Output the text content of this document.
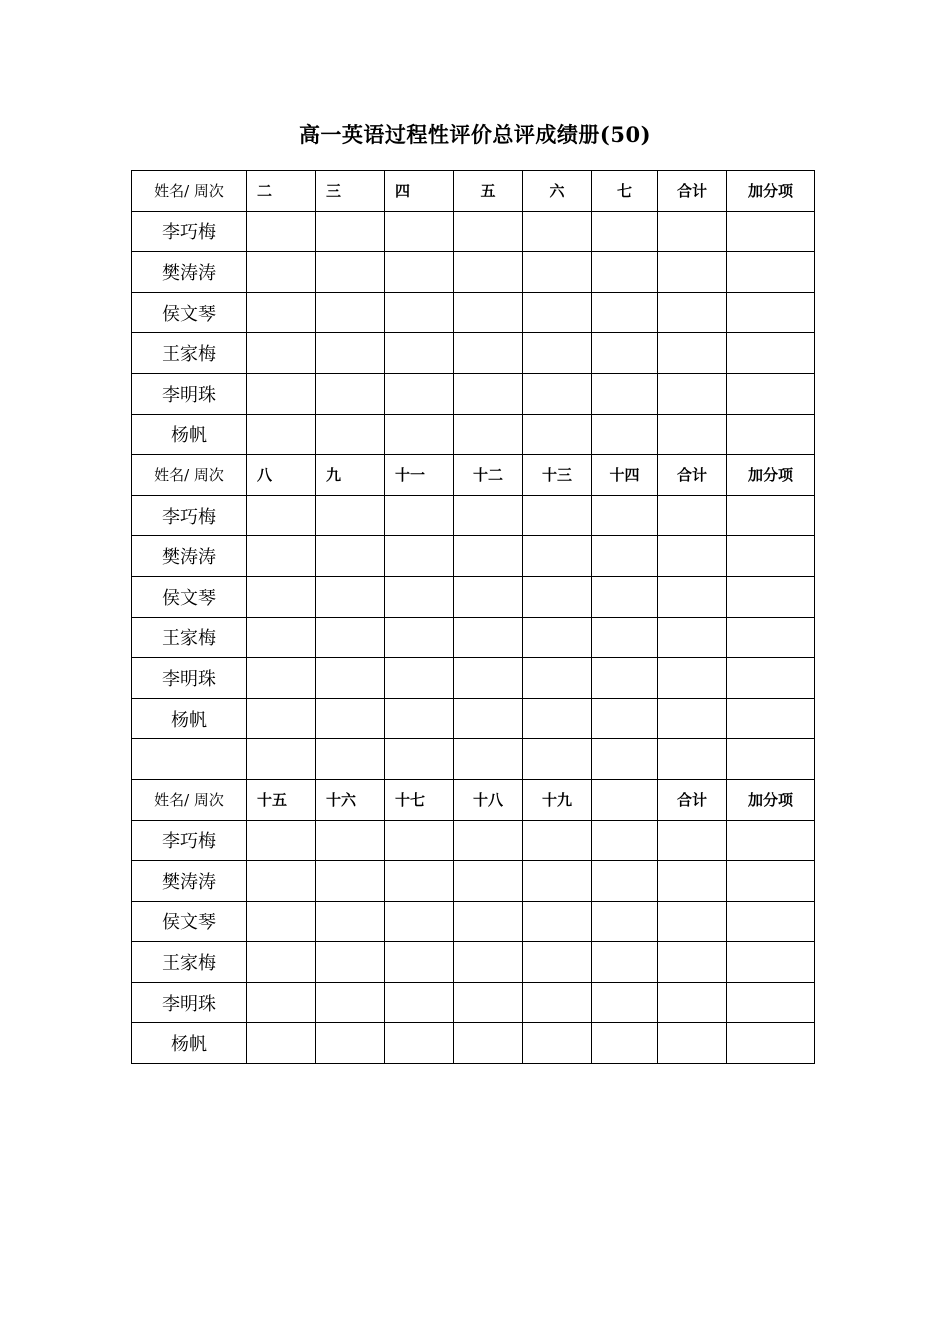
高一英语过程性评价总评成绩册(50)
姓名/ 周次	二	三	四	五	六	七	合计	加分项
李巧梅								
樊涛涛								
侯文琴								
王家梅								
李明珠								
杨帆								
姓名/ 周次	八	九	十一	十二	十三	十四	合计	加分项
李巧梅								
樊涛涛								
侯文琴								
王家梅								
李明珠								
杨帆								

姓名/ 周次	十五	十六	十七	十八	十九		合计	加分项
李巧梅								
樊涛涛								
侯文琴								
王家梅								
李明珠								
杨帆								
